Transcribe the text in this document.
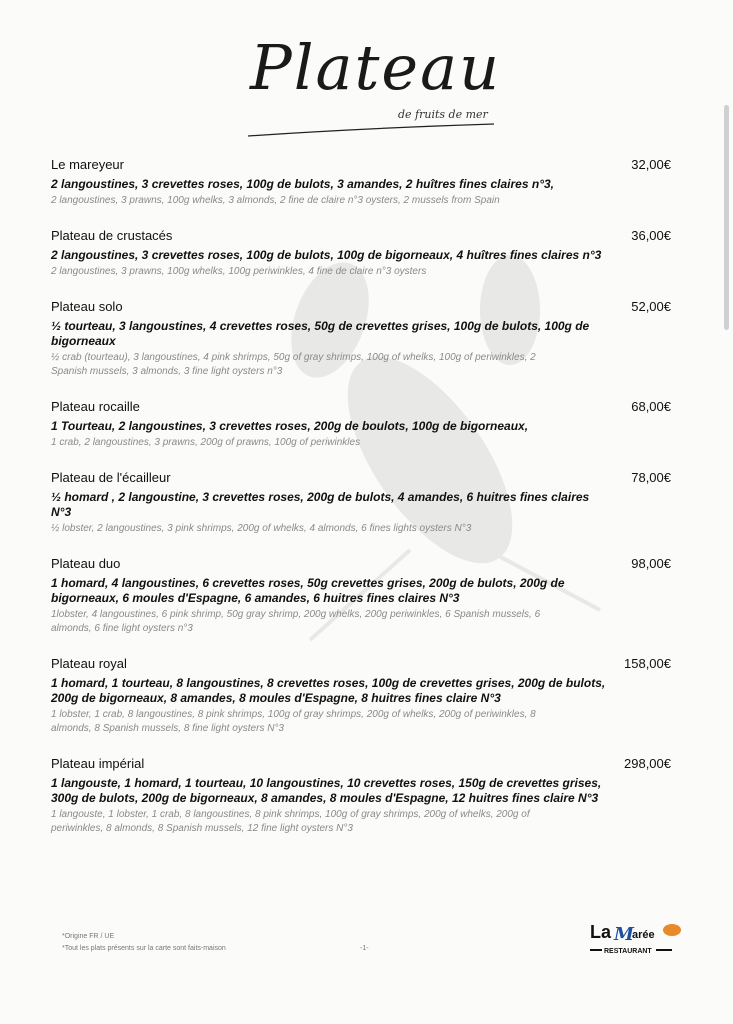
Plateau
de fruits de mer
Le mareyeur	32,00€
2 langoustines, 3 crevettes roses, 100g de bulots, 3 amandes, 2 huîtres fines claires n°3,
2 langoustines, 3 prawns, 100g whelks, 3 almonds, 2 fine de claire n°3 oysters, 2 mussels from Spain
Plateau de crustacés	36,00€
2 langoustines, 3 crevettes roses, 100g de bulots, 100g de bigorneaux, 4 huîtres fines claires n°3
2 langoustines, 3 prawns, 100g whelks, 100g periwinkles, 4 fine de claire n°3 oysters
Plateau solo	52,00€
½ tourteau, 3 langoustines, 4 crevettes roses, 50g de crevettes grises, 100g de bulots, 100g de bigorneaux
½ crab (tourteau), 3 langoustines, 4 pink shrimps, 50g of gray shrimps, 100g of whelks, 100g of periwinkles, 2 Spanish mussels, 3 almonds, 3 fine light oysters n°3
Plateau rocaille	68,00€
1 Tourteau, 2 langoustines, 3 crevettes roses, 200g de boulots, 100g de bigorneaux,
1 crab, 2 langoustines, 3 prawns, 200g of prawns, 100g of periwinkles
Plateau de l'écailleur	78,00€
½ homard , 2 langoustine, 3 crevettes roses, 200g de bulots, 4 amandes, 6 huitres fines claires N°3
½ lobster, 2 langoustines, 3 pink shrimps, 200g of whelks, 4 almonds, 6 fines lights oysters N°3
Plateau duo	98,00€
1 homard, 4 langoustines, 6 crevettes roses, 50g crevettes grises, 200g de bulots, 200g de bigorneaux, 6 moules d'Espagne, 6 amandes, 6 huitres fines claires N°3
1lobster, 4 langoustines, 6 pink shrimp, 50g gray shrimp, 200g whelks, 200g periwinkles, 6 Spanish mussels, 6 almonds, 6 fine light oysters n°3
Plateau royal	158,00€
1 homard, 1 tourteau, 8 langoustines, 8 crevettes roses, 100g de crevettes grises, 200g de bulots, 200g de bigorneaux, 8 amandes, 8 moules d'Espagne, 8 huitres fines claire N°3
1 lobster, 1 crab, 8 langoustines, 8 pink shrimps, 100g of gray shrimps, 200g of whelks, 200g of periwinkles, 8 almonds, 8 Spanish mussels, 8 fine light oysters N°3
Plateau impérial	298,00€
1 langouste, 1 homard, 1 tourteau, 10 langoustines, 10 crevettes roses, 150g de crevettes grises, 300g de bulots, 200g de bigorneaux, 8 amandes, 8 moules d'Espagne, 12 huitres fines claire N°3
1 langouste, 1 lobster, 1 crab, 8 langoustines, 8 pink shrimps, 100g of gray shrimps, 200g of whelks, 200g of periwinkles, 8 almonds, 8 Spanish mussels, 12 fine light oysters N°3
*Origine FR / UE
*Tout les plats présents sur la carte sont faits-maison	-1-
La M
arée
RESTAURANT
